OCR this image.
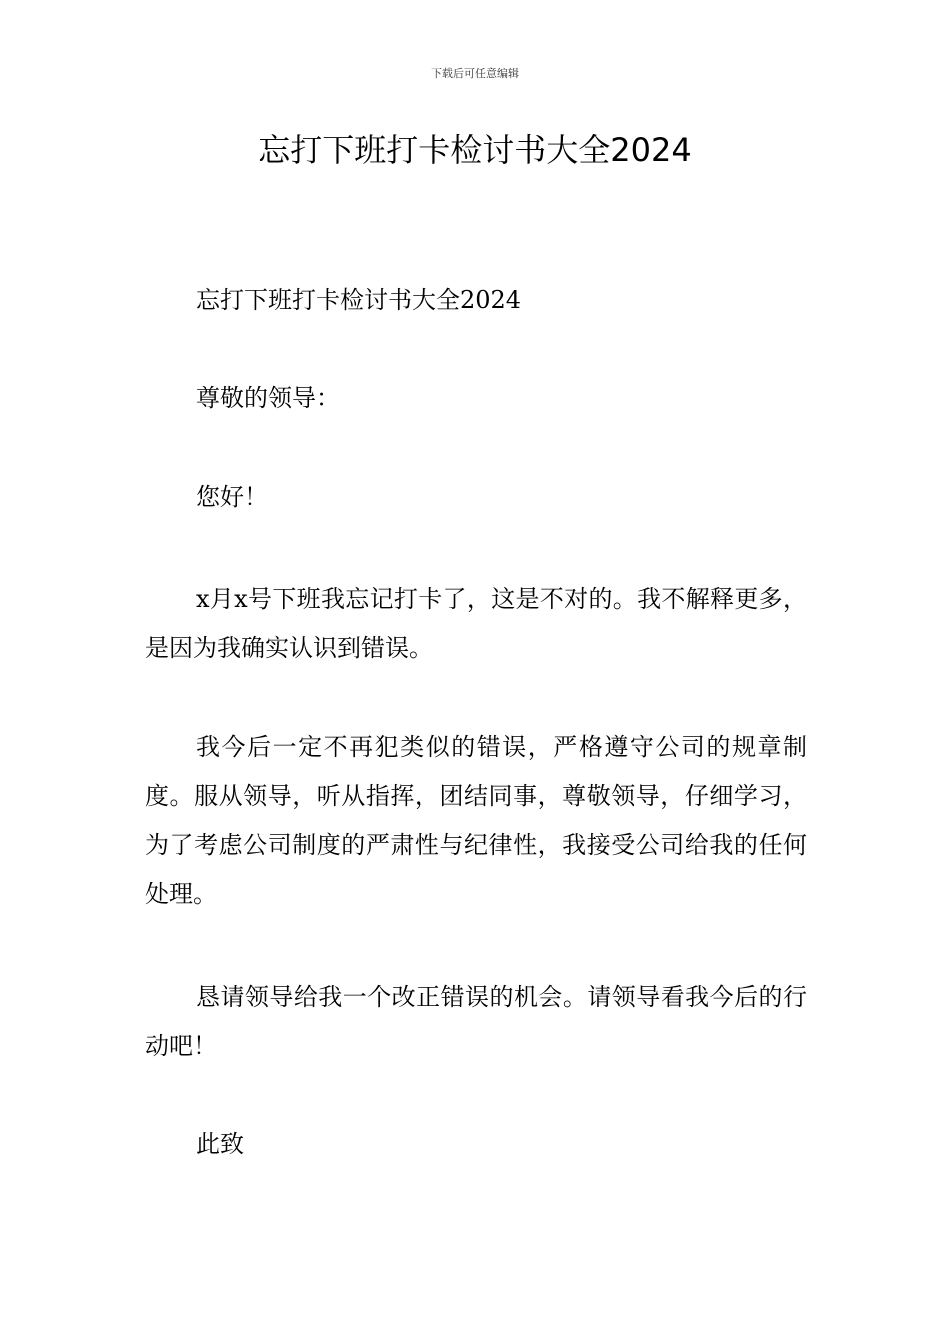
下载后可任意编辑
忘打下班打卡检讨书大全2024

忘打下班打卡检讨书大全2024

尊敬的领导：

您好！

x月x号下班我忘记打卡了，这是不对的。我不解释更多，是因为我确实认识到错误。

我今后一定不再犯类似的错误，严格遵守公司的规章制度。服从领导，听从指挥，团结同事，尊敬领导，仔细学习，为了考虑公司制度的严肃性与纪律性，我接受公司给我的任何处理。

恳请领导给我一个改正错误的机会。请领导看我今后的行动吧！

此致
